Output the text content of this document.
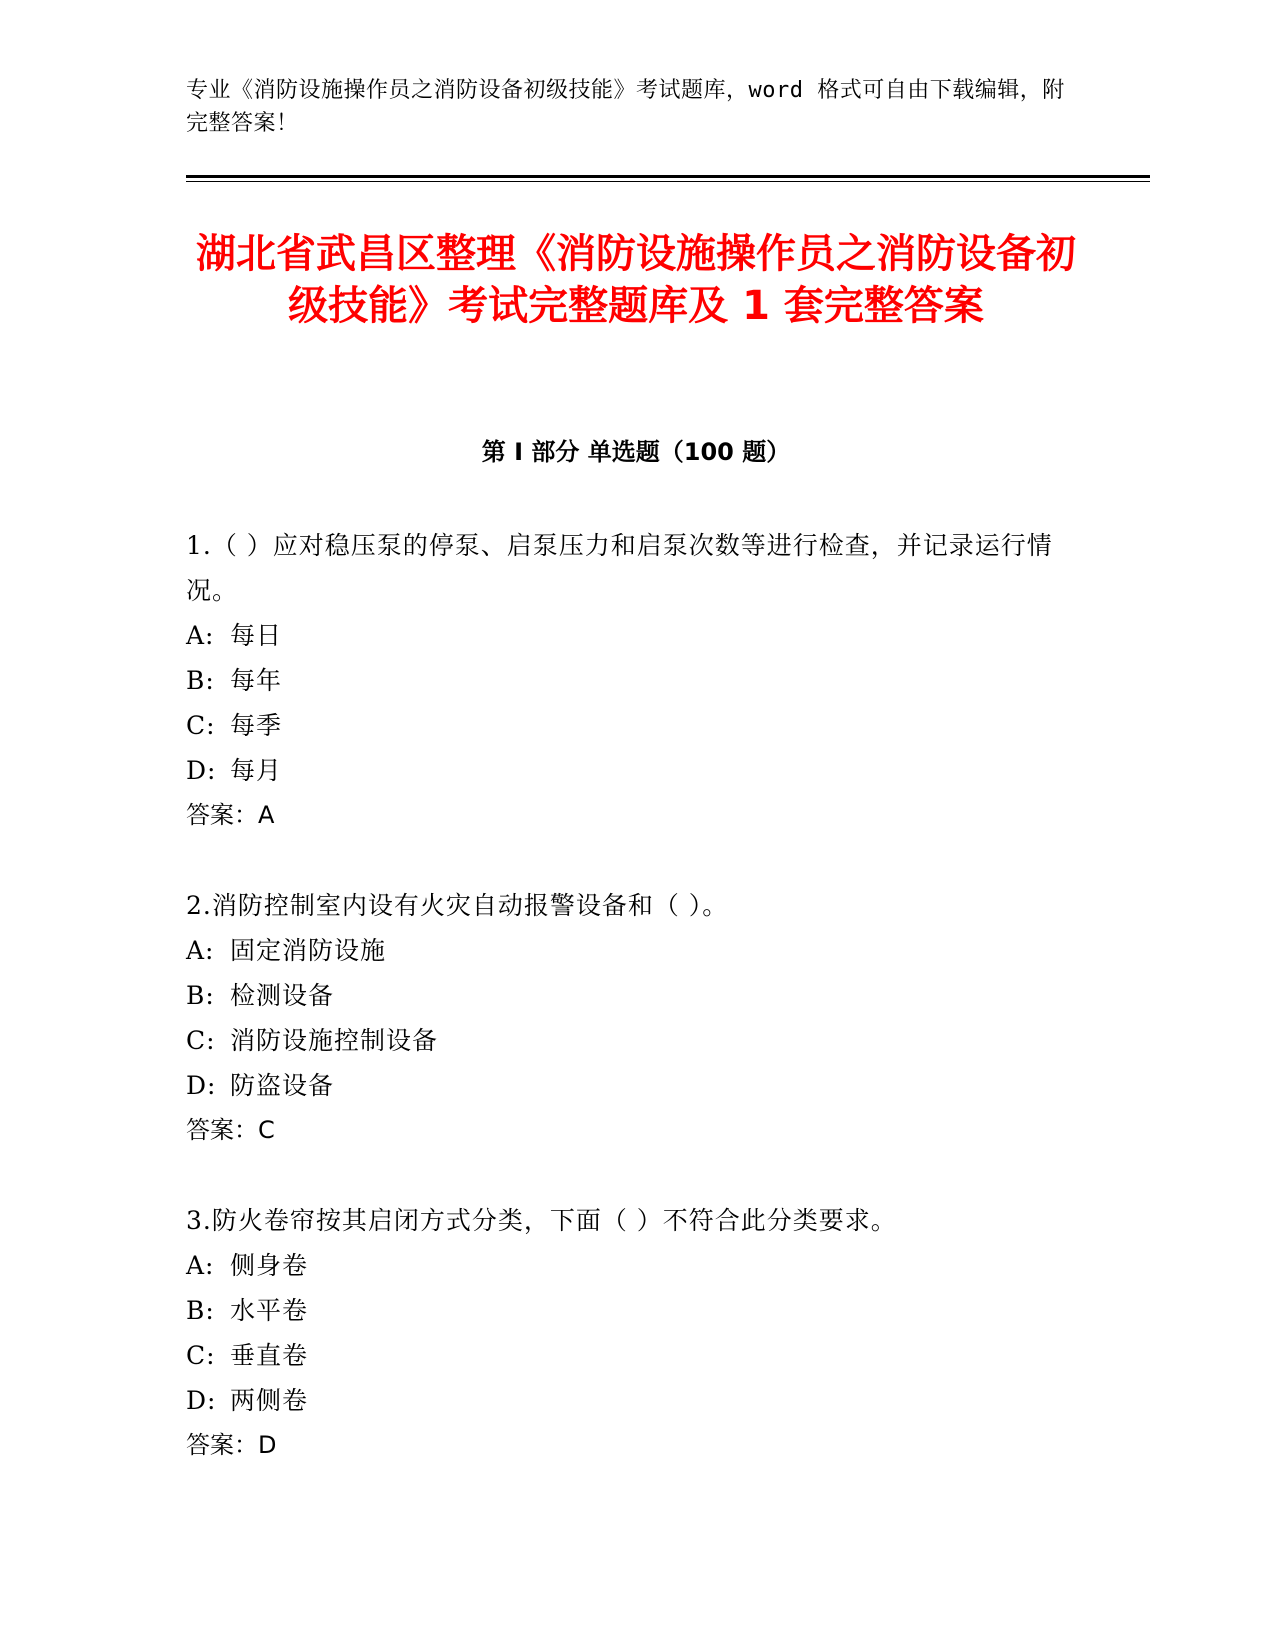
专业《消防设施操作员之消防设备初级技能》考试题库，word 格式可自由下载编辑，附完整答案！
湖北省武昌区整理《消防设施操作员之消防设备初级技能》考试完整题库及 1 套完整答案
第 I 部分 单选题（100 题）
1.（ ）应对稳压泵的停泵、启泵压力和启泵次数等进行检查，并记录运行情况。
A: 每日
B: 每年
C: 每季
D: 每月
答案：A
2.消防控制室内设有火灾自动报警设备和（ ）。
A: 固定消防设施
B: 检测设备
C: 消防设施控制设备
D: 防盗设备
答案：C
3.防火卷帘按其启闭方式分类，下面（ ）不符合此分类要求。
A: 侧身卷
B: 水平卷
C: 垂直卷
D: 两侧卷
答案：D
